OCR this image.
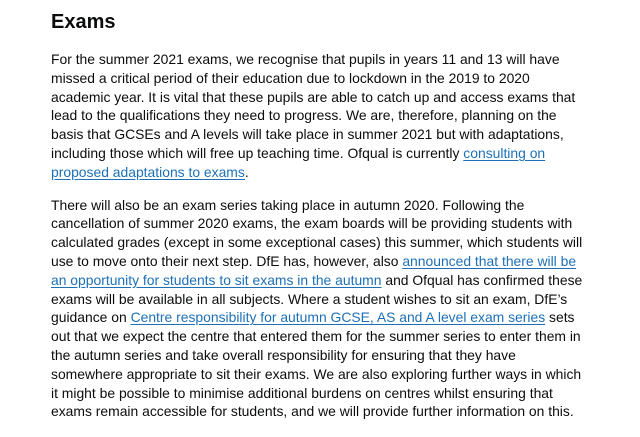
Exams

For the summer 2021 exams, we recognise that pupils in years 11 and 13 will have missed a critical period of their education due to lockdown in the 2019 to 2020 academic year. It is vital that these pupils are able to catch up and access exams that lead to the qualifications they need to progress. We are, therefore, planning on the basis that GCSEs and A levels will take place in summer 2021 but with adaptations, including those which will free up teaching time. Ofqual is currently consulting on proposed adaptations to exams.

There will also be an exam series taking place in autumn 2020. Following the cancellation of summer 2020 exams, the exam boards will be providing students with calculated grades (except in some exceptional cases) this summer, which students will use to move onto their next step. DfE has, however, also announced that there will be an opportunity for students to sit exams in the autumn and Ofqual has confirmed these exams will be available in all subjects. Where a student wishes to sit an exam, DfE’s guidance on Centre responsibility for autumn GCSE, AS and A level exam series sets out that we expect the centre that entered them for the summer series to enter them in the autumn series and take overall responsibility for ensuring that they have somewhere appropriate to sit their exams. We are also exploring further ways in which it might be possible to minimise additional burdens on centres whilst ensuring that exams remain accessible for students, and we will provide further information on this.
